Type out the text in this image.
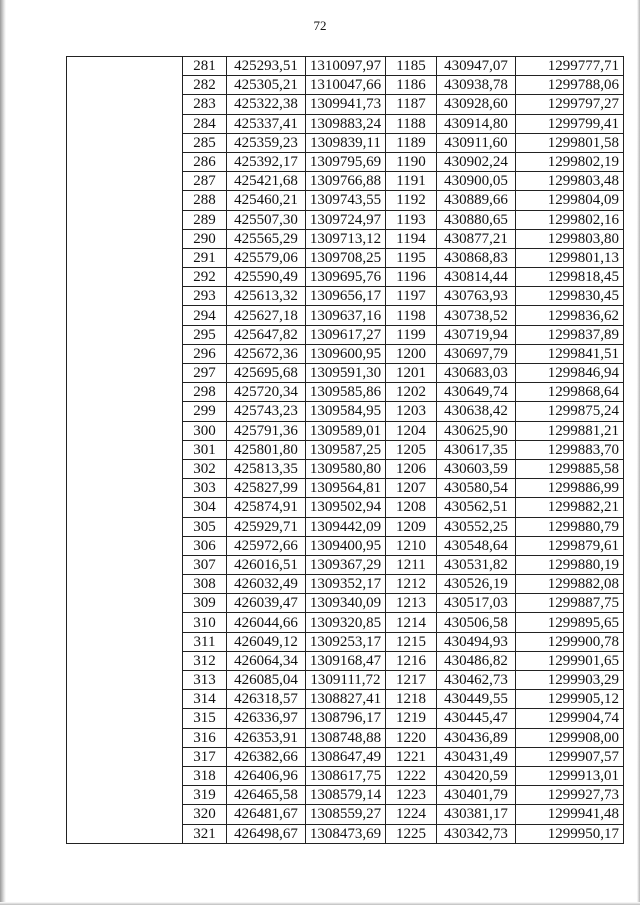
72
	281	425293,51	1310097,97	1185	430947,07	1299777,71
	282	425305,21	1310047,66	1186	430938,78	1299788,06
	283	425322,38	1309941,73	1187	430928,60	1299797,27
	284	425337,41	1309883,24	1188	430914,80	1299799,41
	285	425359,23	1309839,11	1189	430911,60	1299801,58
	286	425392,17	1309795,69	1190	430902,24	1299802,19
	287	425421,68	1309766,88	1191	430900,05	1299803,48
	288	425460,21	1309743,55	1192	430889,66	1299804,09
	289	425507,30	1309724,97	1193	430880,65	1299802,16
	290	425565,29	1309713,12	1194	430877,21	1299803,80
	291	425579,06	1309708,25	1195	430868,83	1299801,13
	292	425590,49	1309695,76	1196	430814,44	1299818,45
	293	425613,32	1309656,17	1197	430763,93	1299830,45
	294	425627,18	1309637,16	1198	430738,52	1299836,62
	295	425647,82	1309617,27	1199	430719,94	1299837,89
	296	425672,36	1309600,95	1200	430697,79	1299841,51
	297	425695,68	1309591,30	1201	430683,03	1299846,94
	298	425720,34	1309585,86	1202	430649,74	1299868,64
	299	425743,23	1309584,95	1203	430638,42	1299875,24
	300	425791,36	1309589,01	1204	430625,90	1299881,21
	301	425801,80	1309587,25	1205	430617,35	1299883,70
	302	425813,35	1309580,80	1206	430603,59	1299885,58
	303	425827,99	1309564,81	1207	430580,54	1299886,99
	304	425874,91	1309502,94	1208	430562,51	1299882,21
	305	425929,71	1309442,09	1209	430552,25	1299880,79
	306	425972,66	1309400,95	1210	430548,64	1299879,61
	307	426016,51	1309367,29	1211	430531,82	1299880,19
	308	426032,49	1309352,17	1212	430526,19	1299882,08
	309	426039,47	1309340,09	1213	430517,03	1299887,75
	310	426044,66	1309320,85	1214	430506,58	1299895,65
	311	426049,12	1309253,17	1215	430494,93	1299900,78
	312	426064,34	1309168,47	1216	430486,82	1299901,65
	313	426085,04	1309111,72	1217	430462,73	1299903,29
	314	426318,57	1308827,41	1218	430449,55	1299905,12
	315	426336,97	1308796,17	1219	430445,47	1299904,74
	316	426353,91	1308748,88	1220	430436,89	1299908,00
	317	426382,66	1308647,49	1221	430431,49	1299907,57
	318	426406,96	1308617,75	1222	430420,59	1299913,01
	319	426465,58	1308579,14	1223	430401,79	1299927,73
	320	426481,67	1308559,27	1224	430381,17	1299941,48
	321	426498,67	1308473,69	1225	430342,73	1299950,17
